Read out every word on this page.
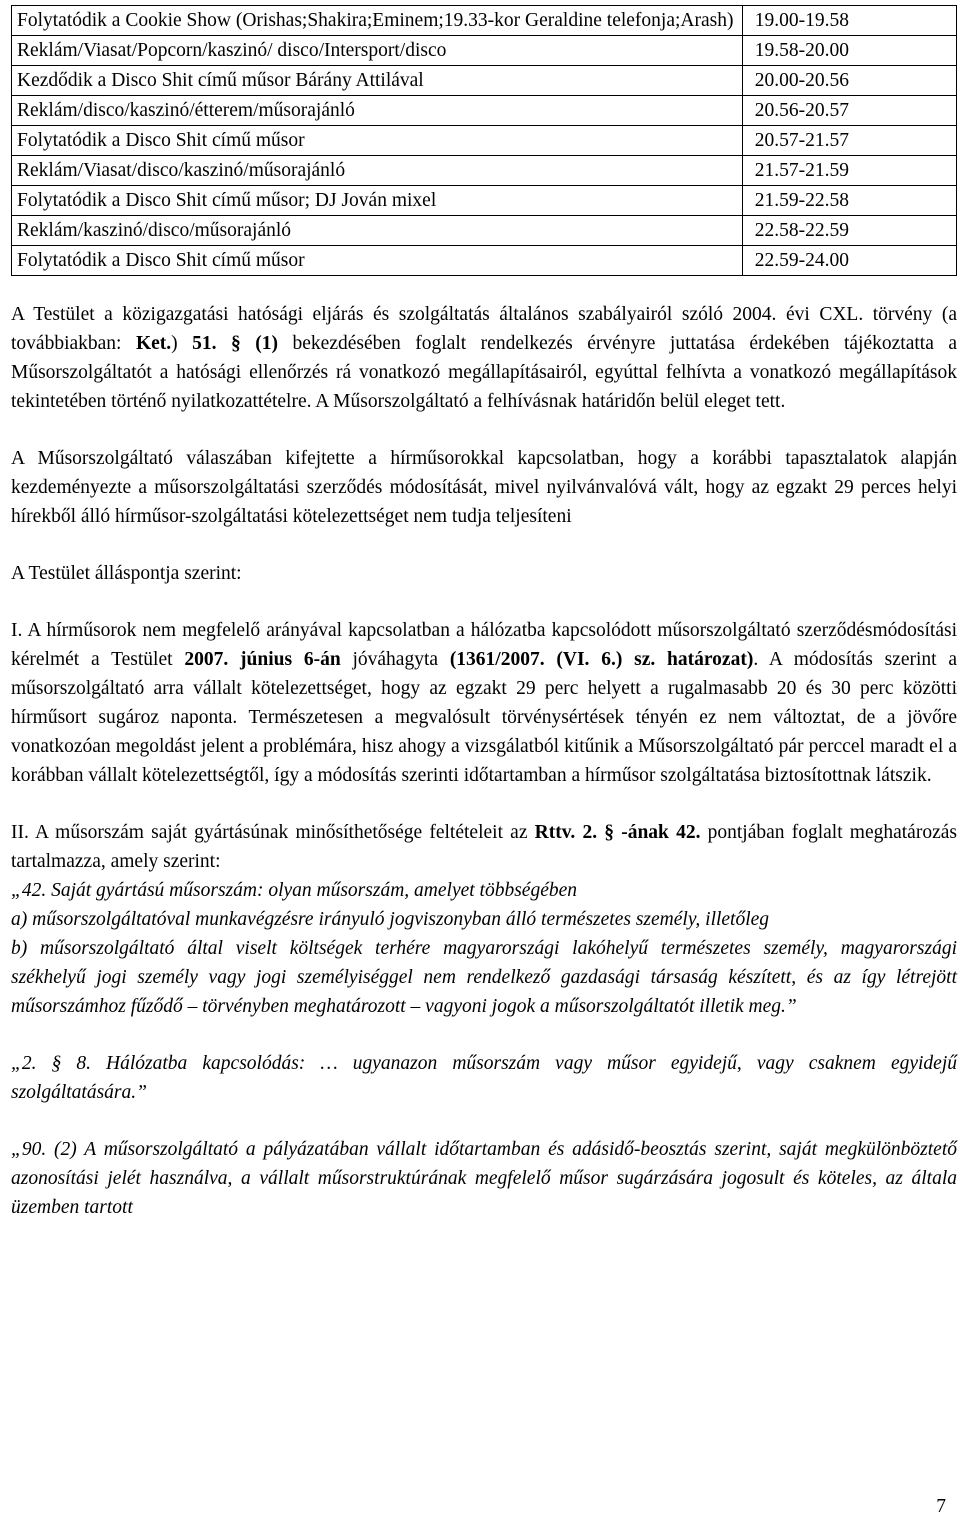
Folytatódik a Cookie Show (Orishas;Shakira;Eminem;19.33-kor Geraldine telefonja;Arash)	19.00-19.58
Reklám/Viasat/Popcorn/kaszinó/ disco/Intersport/disco	19.58-20.00
Kezdődik a Disco Shit című műsor Bárány Attilával	20.00-20.56
Reklám/disco/kaszinó/étterem/műsorajánló	20.56-20.57
Folytatódik a Disco Shit című műsor	20.57-21.57
Reklám/Viasat/disco/kaszinó/műsorajánló	21.57-21.59
Folytatódik a Disco Shit című műsor; DJ Jován mixel	21.59-22.58
Reklám/kaszinó/disco/műsorajánló	22.58-22.59
Folytatódik a Disco Shit című műsor	22.59-24.00

A Testület a közigazgatási hatósági eljárás és szolgáltatás általános szabályairól szóló 2004. évi CXL. törvény (a továbbiakban: Ket.) 51. § (1) bekezdésében foglalt rendelkezés érvényre juttatása érdekében tájékoztatta a Műsorszolgáltatót a hatósági ellenőrzés rá vonatkozó megállapításairól, egyúttal felhívta a vonatkozó megállapítások tekintetében történő nyilatkozattételre. A Műsorszolgáltató a felhívásnak határidőn belül eleget tett.

A Műsorszolgáltató válaszában kifejtette a hírműsorokkal kapcsolatban, hogy a korábbi tapasztalatok alapján kezdeményezte a műsorszolgáltatási szerződés módosítását, mivel nyilvánvalóvá vált, hogy az egzakt 29 perces helyi hírekből álló hírműsor-szolgáltatási kötelezettséget nem tudja teljesíteni

A Testület álláspontja szerint:

I. A hírműsorok nem megfelelő arányával kapcsolatban a hálózatba kapcsolódott műsorszolgáltató szerződésmódosítási kérelmét a Testület 2007. június 6-án jóváhagyta (1361/2007. (VI. 6.) sz. határozat). A módosítás szerint a műsorszolgáltató arra vállalt kötelezettséget, hogy az egzakt 29 perc helyett a rugalmasabb 20 és 30 perc közötti hírműsort sugároz naponta. Természetesen a megvalósult törvénysértések tényén ez nem változtat, de a jövőre vonatkozóan megoldást jelent a problémára, hisz ahogy a vizsgálatból kitűnik a Műsorszolgáltató pár perccel maradt el a korábban vállalt kötelezettségtől, így a módosítás szerinti időtartamban a hírműsor szolgáltatása biztosítottnak látszik.

II. A műsorszám saját gyártásúnak minősíthetősége feltételeit az Rttv. 2. § -ának 42. pontjában foglalt meghatározás tartalmazza, amely szerint:

„42. Saját gyártású műsorszám: olyan műsorszám, amelyet többségében

a) műsorszolgáltatóval munkavégzésre irányuló jogviszonyban álló természetes személy, illetőleg

b) műsorszolgáltató által viselt költségek terhére magyarországi lakóhelyű természetes személy, magyarországi székhelyű jogi személy vagy jogi személyiséggel nem rendelkező gazdasági társaság készített, és az így létrejött műsorszámhoz fűződő – törvényben meghatározott – vagyoni jogok a műsorszolgáltatót illetik meg.”

„2. § 8. Hálózatba kapcsolódás: … ugyanazon műsorszám vagy műsor egyidejű, vagy csaknem egyidejű szolgáltatására.”

„90. (2) A műsorszolgáltató a pályázatában vállalt időtartamban és adásidő-beosztás szerint, saját megkülönböztető azonosítási jelét használva, a vállalt műsorstruktúrának megfelelő műsor sugárzására jogosult és köteles, az általa üzemben tartott

7
